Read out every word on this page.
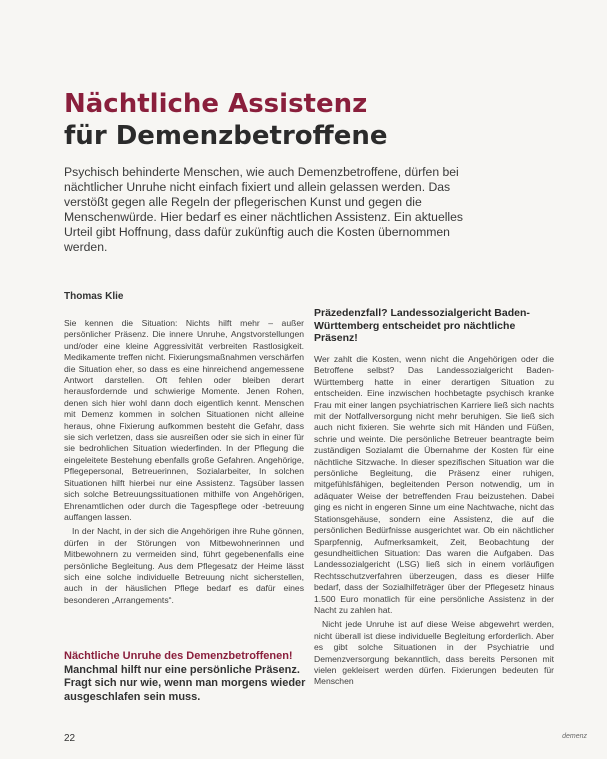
Nächtliche Assistenz
für Demenzbetroffene
Psychisch behinderte Menschen, wie auch Demenzbetroffene, dürfen bei nächtlicher Unruhe nicht einfach fixiert und allein gelassen werden. Das verstößt gegen alle Regeln der pflegerischen Kunst und gegen die Menschenwürde. Hier bedarf es einer nächtlichen Assistenz. Ein aktuelles Urteil gibt Hoffnung, dass dafür zukünftig auch die Kosten übernommen werden.
Thomas Klie

Sie kennen die Situation: Nichts hilft mehr – außer persönlicher Präsenz. Die innere Unruhe, Angstvorstellungen und/oder eine kleine Aggressivität verbreiten Rastlosigkeit. Medikamente treffen nicht. Fixierungsmaßnahmen verschärfen die Situation eher, so dass es eine hinreichend angemessene Antwort darstellen. Oft fehlen oder bleiben derart herausfordernde und schwierige Momente. Jenen Rohen, denen sich hier wohl dann doch eigentlich kennt. Menschen mit Demenz kommen in solchen Situationen nicht alleine heraus, ohne Fixierung aufkommen besteht die Gefahr, dass sie sich verletzen, dass sie ausreißen oder sie sich in einer für sie bedrohlichen Situation wiederfinden. In der Pflegung die eingeleitete Bestehung ebenfalls große Gefahren. Angehörige, Pflegepersonal, Betreuerinnen, Sozialarbeiter, In solchen Situationen hilft hierbei nur eine Assistenz. Tagsüber lassen sich solche Betreuungssituationen mithilfe von Angehörigen, Ehrenamtlichen oder durch die Tagespflege oder -betreuung auffangen lassen.

In der Nacht, in der sich die Angehörigen ihre Ruhe gönnen, dürfen in der Störungen von Mitbewohnerinnen und Mitbewohnern zu vermeiden sind, führt gegebenenfalls eine persönliche Begleitung. Aus dem Pflegesatz der Heime lässt sich eine solche individuelle Betreuung nicht sicherstellen, auch in der häuslichen Pflege bedarf es dafür eines besonderen „Arrangements“.

Präzedenzfall? Landessozialgericht Baden-Württemberg entscheidet pro nächtliche Präsenz!

Wer zahlt die Kosten, wenn nicht die Angehörigen oder die Betroffene selbst? Das Landessozialgericht Baden-Württemberg hatte in einer derartigen Situation zu entscheiden. Eine inzwischen hochbetagte psychisch kranke Frau mit einer langen psychiatrischen Karriere ließ sich nachts mit der Notfallversorgung nicht mehr beruhigen. Sie ließ sich auch nicht fixieren. Sie wehrte sich mit Händen und Füßen, schrie und weinte. Die persönliche Betreuer beantragte beim zuständigen Sozialamt die Übernahme der Kosten für eine nächtliche Sitzwache. In dieser spezifischen Situation war die persönliche Begleitung, die Präsenz einer ruhigen, mitgefühlsfähigen, begleitenden Person notwendig, um in adäquater Weise der betreffenden Frau beizustehen. Dabei ging es nicht in engeren Sinne um eine Nachtwache, nicht das Stationsgehäuse, sondern eine Assistenz, die auf die persönlichen Bedürfnisse ausgerichtet war. Ob ein nächtlicher Sparpfennig, Aufmerksamkeit, Zeit, Beobachtung der gesundheitlichen Situation: Das waren die Aufgaben. Das Landessozialgericht (LSG) ließ sich in einem vorläufigen Rechtsschutzverfahren überzeugen, dass es dieser Hilfe bedarf, dass der Sozialhilfeträger über der Pflegesetz hinaus 1.500 Euro monatlich für eine persönliche Assistenz in der Nacht zu zahlen hat.

Nicht jede Unruhe ist auf diese Weise abgewehrt werden, nicht überall ist diese individuelle Begleitung erforderlich. Aber es gibt solche Situationen in der Psychiatrie und Demenzversorgung bekanntlich, dass bereits Personen mit vielen gekleisert werden dürfen. Fixierungen bedeuten für Menschen

Nächtliche Unruhe des Demenzbetroffenen!
Manchmal hilft nur eine persönliche Präsenz. Fragt sich nur wie, wenn man morgens wieder ausgeschlafen sein muss.
22	demenz
